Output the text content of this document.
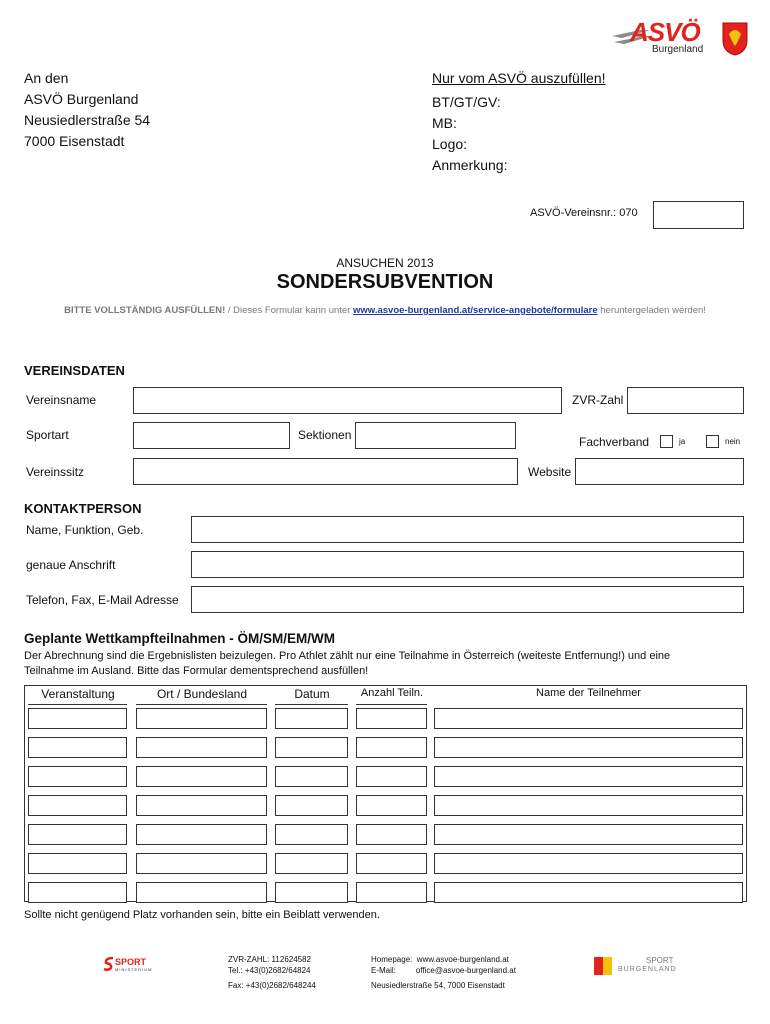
ASVÖ
Burgenland
An den
ASVÖ Burgenland
Neusiedlerstraße 54
7000 Eisenstadt
Nur vom ASVÖ auszufüllen!
BT/GT/GV:
MB:
Logo:
Anmerkung:
ASVÖ-Vereinsnr.: 070
ANSUCHEN 2013
SONDERSUBVENTION
BITTE VOLLSTÄNDIG AUSFÜLLEN! / Dieses Formular kann unter www.asvoe-burgenland.at/service-angebote/formulare heruntergeladen werden!
VEREINSDATEN
Vereinsname	ZVR-Zahl
Sportart	Sektionen	Fachverband	ja	nein
Vereinssitz	Website
KONTAKTPERSON
Name, Funktion, Geb.
genaue Anschrift
Telefon, Fax, E-Mail Adresse
Geplante Wettkampfteilnahmen - ÖM/SM/EM/WM
Der Abrechnung sind die Ergebnislisten beizulegen. Pro Athlet zählt nur eine Teilnahme in Österreich (weiteste Entfernung!) und eine
Teilnahme im Ausland. Bitte das Formular dementsprechend ausfüllen!
Veranstaltung	Ort / Bundesland	Datum	Anzahl Teiln.	Name der Teilnehmer
Sollte nicht genügend Platz vorhanden sein, bitte ein Beiblatt verwenden.
SPORT
MINISTERIUM
ZVR-ZAHL: 112624582
Tel.: +43(0)2682/64824
Fax: +43(0)2682/648244
Homepage:  www.asvoe-burgenland.at
E-Mail:         office@asvoe-burgenland.at
Neusiedlerstraße 54, 7000 Eisenstadt
SPORT
BURGENLAND
